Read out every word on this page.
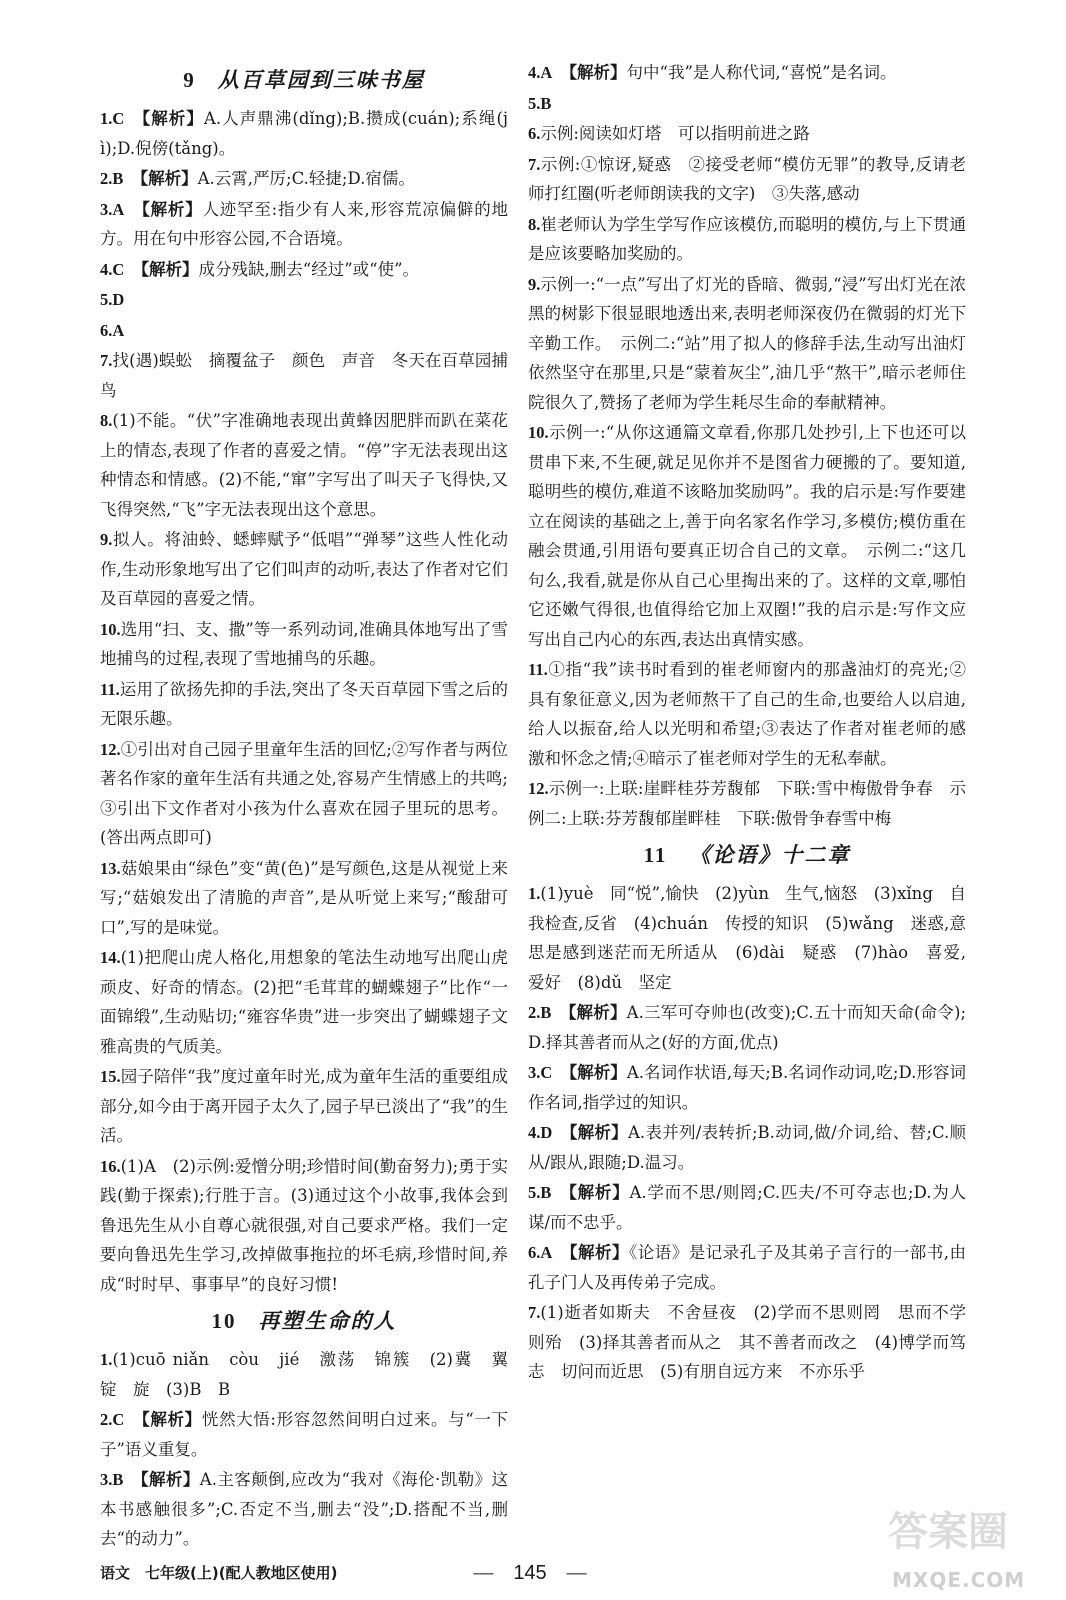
9 从百草园到三味书屋
1.C  【解析】A.人声鼎沸(dǐng);B.攒成(cuán);系绳(jì);D.倪傍(tǎng)。
2.B  【解析】A.云霄,严厉;C.轻捷;D.宿儒。
3.A  【解析】人迹罕至:指少有人来,形容荒凉偏僻的地方。用在句中形容公园,不合语境。
4.C  【解析】成分残缺,删去“经过”或“使”。
5.D
6.A
7.找(遇)蜈蚣　摘覆盆子　颜色　声音　冬天在百草园捕鸟
8.(1)不能。“伏”字准确地表现出黄蜂因肥胖而趴在菜花上的情态,表现了作者的喜爱之情。“停”字无法表现出这种情态和情感。(2)不能,“窜”字写出了叫天子飞得快,又飞得突然,“飞”字无法表现出这个意思。
9.拟人。将油蛉、蟋蟀赋予“低唱”“弹琴”这些人性化动作,生动形象地写出了它们叫声的动听,表达了作者对它们及百草园的喜爱之情。
10.选用“扫、支、撒”等一系列动词,准确具体地写出了雪地捕鸟的过程,表现了雪地捕鸟的乐趣。
11.运用了欲扬先抑的手法,突出了冬天百草园下雪之后的无限乐趣。
12.①引出对自己园子里童年生活的回忆;②写作者与两位著名作家的童年生活有共通之处,容易产生情感上的共鸣;③引出下文作者对小孩为什么喜欢在园子里玩的思考。(答出两点即可)
13.菇娘果由“绿色”变“黄(色)”是写颜色,这是从视觉上来写;“菇娘发出了清脆的声音”,是从听觉上来写;“酸甜可口”,写的是味觉。
14.(1)把爬山虎人格化,用想象的笔法生动地写出爬山虎顽皮、好奇的情态。(2)把“毛茸茸的蝴蝶翅子”比作“一面锦缎”,生动贴切;“雍容华贵”进一步突出了蝴蝶翅子文雅高贵的气质美。
15.园子陪伴“我”度过童年时光,成为童年生活的重要组成部分,如今由于离开园子太久了,园子早已淡出了“我”的生活。
16.(1)A　(2)示例:爱憎分明;珍惜时间(勤奋努力);勇于实践(勤于探索);行胜于言。(3)通过这个小故事,我体会到鲁迅先生从小自尊心就很强,对自己要求严格。我们一定要向鲁迅先生学习,改掉做事拖拉的坏毛病,珍惜时间,养成“时时早、事事早”的良好习惯!
10 再塑生命的人
1.(1)cuō niǎn　còu　jié　激荡　锦簇　(2)冀　翼　锭　旋　(3)B　B
2.C  【解析】恍然大悟:形容忽然间明白过来。与“一下子”语义重复。
3.B  【解析】A.主客颠倒,应改为“我对《海伦·凯勒》这本书感触很多”;C.否定不当,删去“没”;D.搭配不当,删去“的动力”。
4.A  【解析】句中“我”是人称代词,“喜悦”是名词。
5.B
6.示例:阅读如灯塔　可以指明前进之路
7.示例:①惊讶,疑惑　②接受老师“模仿无罪”的教导,反请老师打红圈(听老师朗读我的文字)　③失落,感动
8.崔老师认为学生学写作应该模仿,而聪明的模仿,与上下贯通是应该要略加奖励的。
9.示例一:“一点”写出了灯光的昏暗、微弱,“浸”写出灯光在浓黑的树影下很显眼地透出来,表明老师深夜仍在微弱的灯光下辛勤工作。　示例二:“站”用了拟人的修辞手法,生动写出油灯依然坚守在那里,只是“蒙着灰尘”,油几乎“熬干”,暗示老师住院很久了,赞扬了老师为学生耗尽生命的奉献精神。
10.示例一:“从你这通篇文章看,你那几处抄引,上下也还可以贯串下来,不生硬,就足见你并不是图省力硬搬的了。要知道,聪明些的模仿,难道不该略加奖励吗”。我的启示是:写作要建立在阅读的基础之上,善于向名家名作学习,多模仿;模仿重在融会贯通,引用语句要真正切合自己的文章。　示例二:“这几句么,我看,就是你从自己心里掏出来的了。这样的文章,哪怕它还嫩气得很,也值得给它加上双圈!”我的启示是:写作文应写出自己内心的东西,表达出真情实感。
11.①指“我”读书时看到的崔老师窗内的那盏油灯的亮光;②具有象征意义,因为老师熬干了自己的生命,也要给人以启迪,给人以振奋,给人以光明和希望;③表达了作者对崔老师的感激和怀念之情;④暗示了崔老师对学生的无私奉献。
12.示例一:上联:崖畔桂芬芳馥郁　下联:雪中梅傲骨争春　示例二:上联:芬芳馥郁崖畔桂　下联:傲骨争春雪中梅
11 《论语》十二章
1.(1)yuè　同“悦”,愉快　(2)yùn　生气,恼怒　(3)xǐng　自我检查,反省　(4)chuán　传授的知识　(5)wǎng　迷惑,意思是感到迷茫而无所适从　(6)dài　疑惑　(7)hào　喜爱,爱好　(8)dǔ　坚定
2.B  【解析】A.三军可夺帅也(改变);C.五十而知天命(命令);D.择其善者而从之(好的方面,优点)
3.C  【解析】A.名词作状语,每天;B.名词作动词,吃;D.形容词作名词,指学过的知识。
4.D  【解析】A.表并列/表转折;B.动词,做/介词,给、替;C.顺从/跟从,跟随;D.温习。
5.B  【解析】A.学而不思/则罔;C.匹夫/不可夺志也;D.为人谋/而不忠乎。
6.A  【解析】《论语》是记录孔子及其弟子言行的一部书,由孔子门人及再传弟子完成。
7.(1)逝者如斯夫　不舍昼夜　(2)学而不思则罔　思而不学则殆　(3)择其善者而从之　其不善者而改之　(4)博学而笃志　切问而近思　(5)有朋自远方来　不亦乐乎
语文　七年级(上)(配人教地区使用)	—　145　—
答案圈
MXQE.COM
